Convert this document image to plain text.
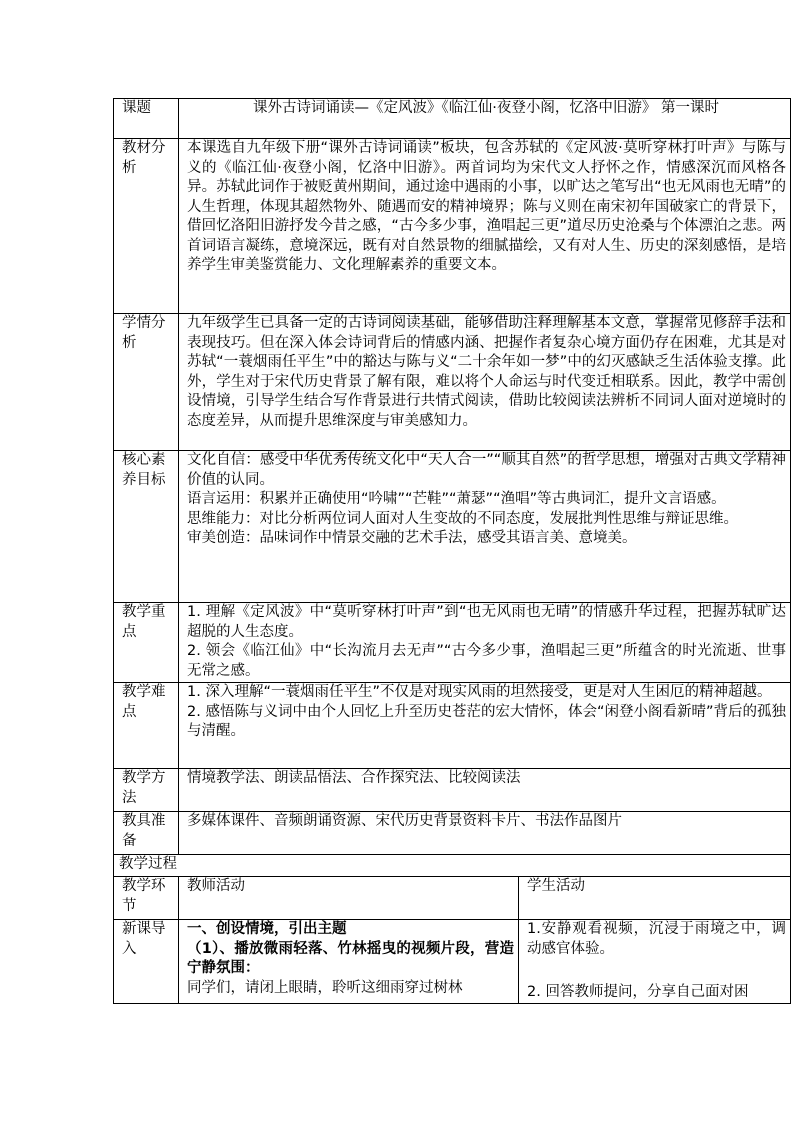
课题	课外古诗词诵读—《定风波》《临江仙·夜登小阁，忆洛中旧游》 第一课时	
教材分析	本课选自九年级下册“课外古诗词诵读”板块，包含苏轼的《定风波·莫听穿林打叶声》与陈与义的《临江仙·夜登小阁，忆洛中旧游》。两首词均为宋代文人抒怀之作，情感深沉而风格各异。苏轼此词作于被贬黄州期间，通过途中遇雨的小事，以旷达之笔写出“也无风雨也无晴”的人生哲理，体现其超然物外、随遇而安的精神境界；陈与义则在南宋初年国破家亡的背景下，借回忆洛阳旧游抒发今昔之感，“古今多少事，渔唱起三更”道尽历史沧桑与个体漂泊之悲。两首词语言凝练，意境深远，既有对自然景物的细腻描绘，又有对人生、历史的深刻感悟，是培养学生审美鉴赏能力、文化理解素养的重要文本。	
学情分析	九年级学生已具备一定的古诗词阅读基础，能够借助注释理解基本文意，掌握常见修辞手法和表现技巧。但在深入体会诗词背后的情感内涵、把握作者复杂心境方面仍存在困难，尤其是对苏轼“一蓑烟雨任平生”中的豁达与陈与义“二十余年如一梦”中的幻灭感缺乏生活体验支撑。此外，学生对于宋代历史背景了解有限，难以将个人命运与时代变迁相联系。因此，教学中需创设情境，引导学生结合写作背景进行共情式阅读，借助比较阅读法辨析不同词人面对逆境时的态度差异，从而提升思维深度与审美感知力。	
核心素养目标	文化自信：感受中华优秀传统文化中“天人合一”“顺其自然”的哲学思想，增强对古典文学精神价值的认同。
语言运用：积累并正确使用“吟啸”“芒鞋”“萧瑟”“渔唱”等古典词汇，提升文言语感。
思维能力：对比分析两位词人面对人生变故的不同态度，发展批判性思维与辩证思维。
审美创造：品味词作中情景交融的艺术手法，感受其语言美、意境美。	

教学重点	1. 理解《定风波》中“莫听穿林打叶声”到“也无风雨也无晴”的情感升华过程，把握苏轼旷达超脱的人生态度。
2. 领会《临江仙》中“长沟流月去无声”“古今多少事，渔唱起三更”所蕴含的时光流逝、世事无常之感。	

教学难点	1. 深入理解“一蓑烟雨任平生”不仅是对现实风雨的坦然接受，更是对人生困厄的精神超越。
2. 感悟陈与义词中由个人回忆上升至历史苍茫的宏大情怀，体会“闲登小阁看新晴”背后的孤独与清醒。	

教学方法	情境教学法、朗读品悟法、合作探究法、比较阅读法	
教具准备	多媒体课件、音频朗诵资源、宋代历史背景资料卡片、书法作品图片	
教学过程		
教学环节	教师活动	学生活动
新课导入	一、创设情境，引出主题
（1）、播放微雨轻落、竹林摇曳的视频片段，营造宁静氛围：
同学们，请闭上眼睛，聆听这细雨穿过树林	1.安静观看视频，沉浸于雨境之中，调动感官体验。
2. 回答教师提问，分享自己面对困
